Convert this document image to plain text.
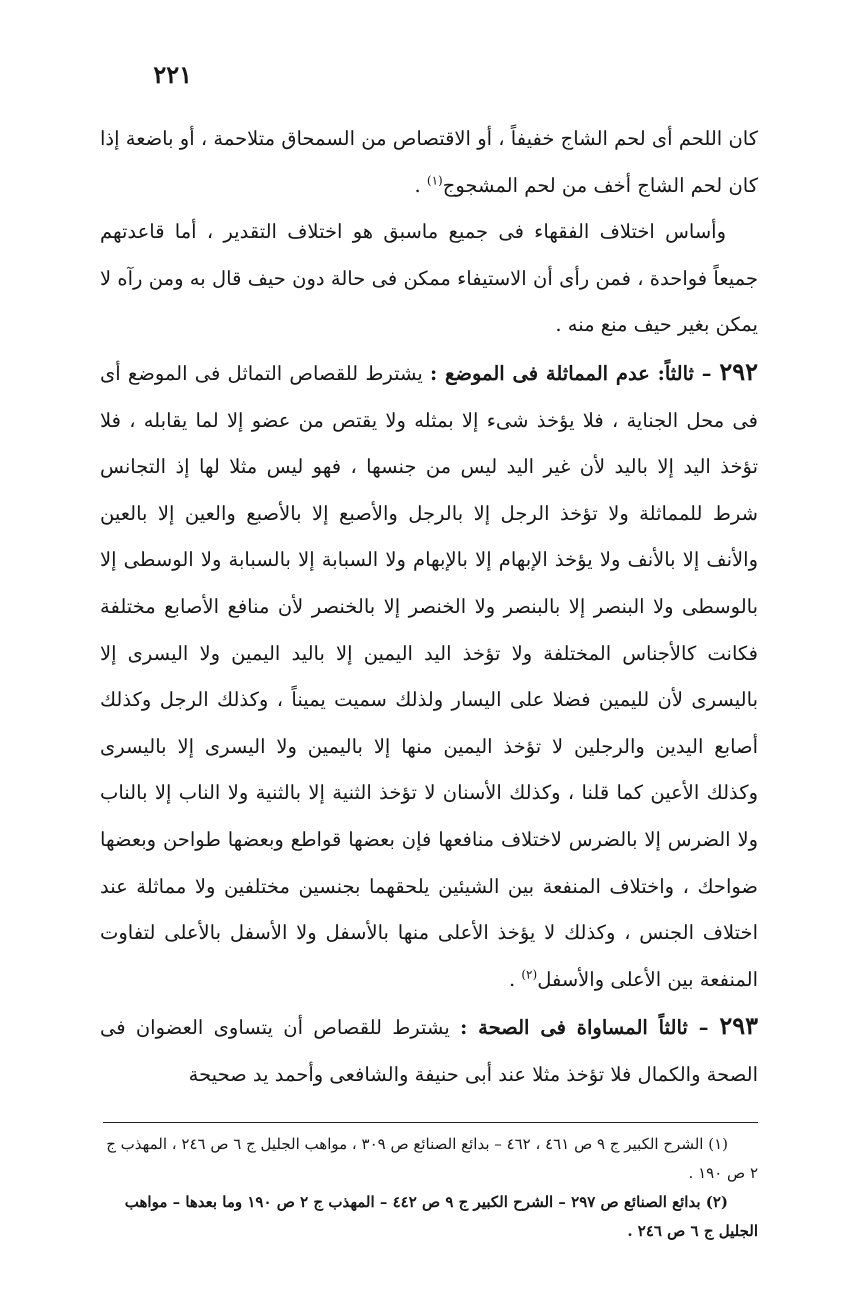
٢٢١

كان اللحم أى لحم الشاج خفيفاً ، أو الاقتصاص من السمحاق متلاحمة ، أو باضعة إذا كان لحم الشاج أخف من لحم المشجوج$^{(١)}$ .

وأساس اختلاف الفقهاء فى جميع ماسبق هو اختلاف التقدير ، أما قاعدتهم جميعاً فواحدة ، فمن رأى أن الاستيفاء ممكن فى حالة دون حيف قال به ومن رآه لا يمكن بغير حيف منع منه .

٢٩٢ – ثالثاً: عدم المماثلة فى الموضع : يشترط للقصاص التماثل فى الموضع أى فى محل الجناية ، فلا يؤخذ شىء إلا بمثله ولا يقتص من عضو إلا لما يقابله ، فلا تؤخذ اليد إلا باليد لأن غير اليد ليس من جنسها ، فهو ليس مثلا لها إذ التجانس شرط للمماثلة ولا تؤخذ الرجل إلا بالرجل والأصبع إلا بالأصبع والعين إلا بالعين والأنف إلا بالأنف ولا يؤخذ الإبهام إلا بالإبهام ولا السبابة إلا بالسبابة ولا الوسطى إلا بالوسطى ولا البنصر إلا بالبنصر ولا الخنصر إلا بالخنصر لأن منافع الأصابع مختلفة فكانت كالأجناس المختلفة ولا تؤخذ اليد اليمين إلا باليد اليمين ولا اليسرى إلا باليسرى لأن لليمين فضلا على اليسار ولذلك سميت يميناً ، وكذلك الرجل وكذلك أصابع اليدين والرجلين لا تؤخذ اليمين منها إلا باليمين ولا اليسرى إلا باليسرى وكذلك الأعين كما قلنا ، وكذلك الأسنان لا تؤخذ الثنية إلا بالثنية ولا الناب إلا بالناب ولا الضرس إلا بالضرس لاختلاف منافعها فإن بعضها قواطع وبعضها طواحن وبعضها ضواحك ، واختلاف المنفعة بين الشيئين يلحقهما بجنسين مختلفين ولا مماثلة عند اختلاف الجنس ، وكذلك لا يؤخذ الأعلى منها بالأسفل ولا الأسفل بالأعلى لتفاوت المنفعة بين الأعلى والأسفل$^{(٢)}$ .

٢٩٣ – ثالثاً المساواة فى الصحة : يشترط للقصاص أن يتساوى العضوان فى الصحة والكمال فلا تؤخذ مثلا عند أبى حنيفة والشافعى وأحمد يد صحيحة

(١) الشرح الكبير ج ٩ ص ٤٦١ ، ٤٦٢ – بدائع الصنائع ص ٣٠٩ ، مواهب الجليل ج ٦ ص ٢٤٦ ، المهذب ج ٢ ص ١٩٠ .

(٢) بدائع الصنائع ص ٢٩٧ – الشرح الكبير ج ٩ ص ٤٤٢ – المهذب ج ٢ ص ١٩٠ وما بعدها – مواهب الجليل ج ٦ ص ٢٤٦ .
